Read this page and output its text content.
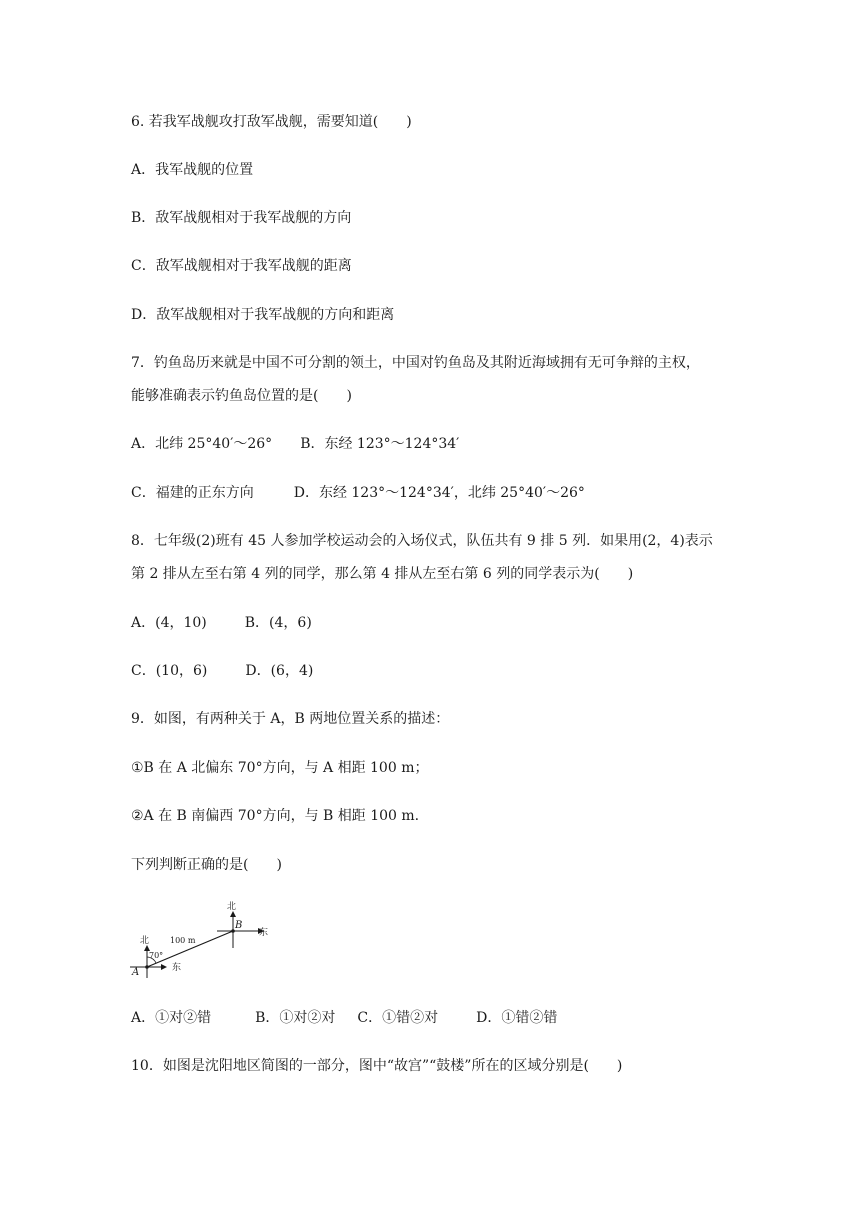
6. 若我军战舰攻打敌军战舰，需要知道(　　)
A．我军战舰的位置
B．敌军战舰相对于我军战舰的方向
C．敌军战舰相对于我军战舰的距离
D．敌军战舰相对于我军战舰的方向和距离
7．钓鱼岛历来就是中国不可分割的领土，中国对钓鱼岛及其附近海域拥有无可争辩的主权，
能够准确表示钓鱼岛位置的是(　　)
A．北纬 25°40′～26° B．东经 123°～124°34′
C．福建的正东方向	D．东经 123°～124°34′，北纬 25°40′～26°
8．七年级(2)班有 45 人参加学校运动会的入场仪式，队伍共有 9 排 5 列．如果用(2，4)表示
第 2 排从左至右第 4 列的同学，那么第 4 排从左至右第 6 列的同学表示为(　　)
A．(4，10)	B．(4，6)
C．(10，6)	D．(6，4)
9．如图，有两种关于 A，B 两地位置关系的描述：
①B 在 A 北偏东 70°方向，与 A 相距 100 m；
②A 在 B 南偏西 70°方向，与 B 相距 100 m.
下列判断正确的是(　　)
北
东
北
东
A
B
100 m
70°
A．①对②错	B．①对②对 C．①错②对	D．①错②错
10．如图是沈阳地区简图的一部分，图中“故宫”“鼓楼”所在的区域分别是(　　)
